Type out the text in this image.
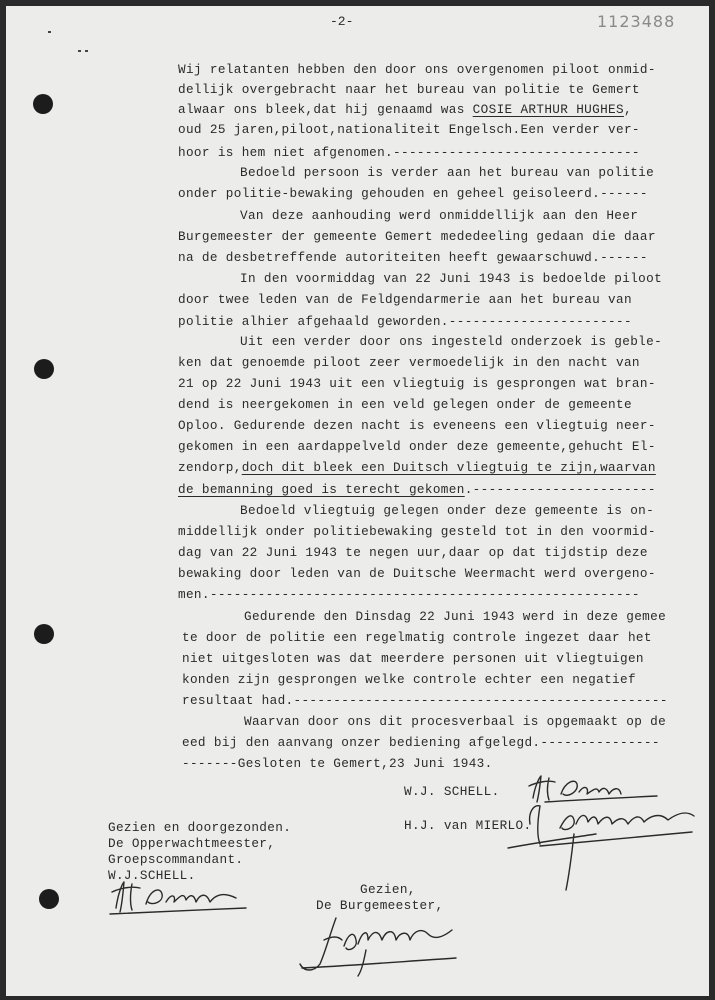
-2-	1123488
Wij relatanten hebben den door ons overgenomen piloot onmid-
dellijk overgebracht naar het bureau van politie te Gemert
alwaar ons bleek,dat hij genaamd was COSIE ARTHUR HUGHES,
oud 25 jaren,piloot,nationaliteit Engelsch.Een verder ver-
hoor is hem niet afgenomen.-------------------------------
Bedoeld persoon is verder aan het bureau van politie
onder politie-bewaking gehouden en geheel geisoleerd.------
Van deze aanhouding werd onmiddellijk aan den Heer
Burgemeester der gemeente Gemert mededeeling gedaan die daar
na de desbetreffende autoriteiten heeft gewaarschuwd.------
In den voormiddag van 22 Juni 1943 is bedoelde piloot
door twee leden van de Feldgendarmerie aan het bureau van
politie alhier afgehaald geworden.-----------------------
Uit een verder door ons ingesteld onderzoek is geble-
ken dat genoemde piloot zeer vermoedelijk in den nacht van
21 op 22 Juni 1943 uit een vliegtuig is gesprongen wat bran-
dend is neergekomen in een veld gelegen onder de gemeente
Oploo. Gedurende dezen nacht is eveneens een vliegtuig neer-
gekomen in een aardappelveld onder deze gemeente,gehucht El-
zendorp,doch dit bleek een Duitsch vliegtuig te zijn,waarvan
de bemanning goed is terecht gekomen.-----------------------
Bedoeld vliegtuig gelegen onder deze gemeente is on-
middellijk onder politiebewaking gesteld tot in den voormid-
dag van 22 Juni 1943 te negen uur,daar op dat tijdstip deze
bewaking door leden van de Duitsche Weermacht werd overgeno-
men.------------------------------------------------------
Gedurende den Dinsdag 22 Juni 1943 werd in deze gemee
te door de politie een regelmatig controle ingezet daar het
niet uitgesloten was dat meerdere personen uit vliegtuigen
konden zijn gesprongen welke controle echter een negatief
resultaat had.-----------------------------------------------
Waarvan door ons dit procesverbaal is opgemaakt op de
eed bij den aanvang onzer bediening afgelegd.---------------
-------Gesloten te Gemert,23 Juni 1943.
W.J. SCHELL.
H.J. van MIERLO.
Gezien en doorgezonden.
De Opperwachtmeester,
Groepscommandant.
W.J.SCHELL.
Gezien,
De Burgemeester,
